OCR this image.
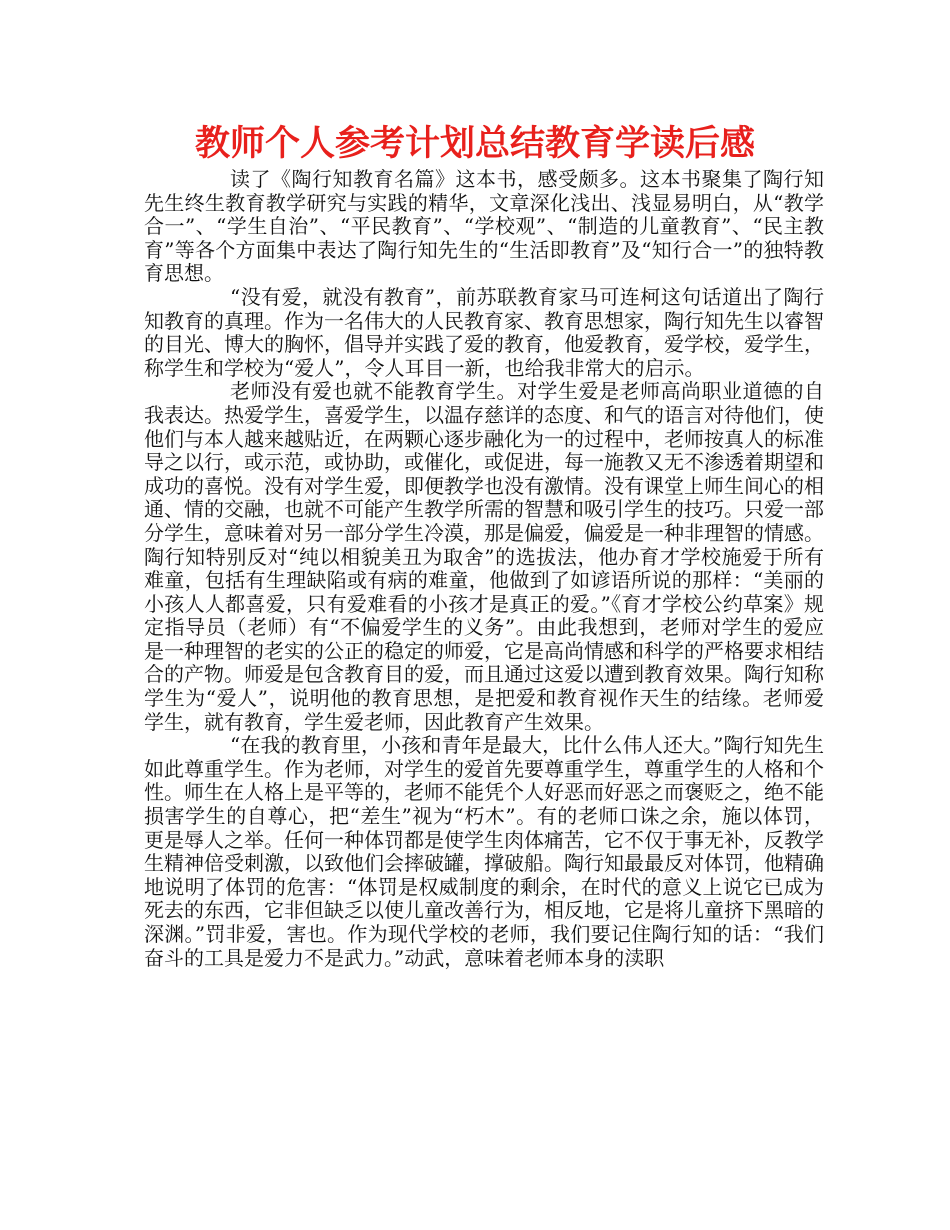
教师个人参考计划总结教育学读后感

读了《陶行知教育名篇》这本书，感受颇多。这本书聚集了陶行知先生终生教育教学研究与实践的精华，文章深化浅出、浅显易明白，从“教学合一”、“学生自治”、“平民教育”、“学校观”、“制造的儿童教育”、“民主教育”等各个方面集中表达了陶行知先生的“生活即教育”及“知行合一”的独特教育思想。

“没有爱，就没有教育”，前苏联教育家马可连柯这句话道出了陶行知教育的真理。作为一名伟大的人民教育家、教育思想家，陶行知先生以睿智的目光、博大的胸怀，倡导并实践了爱的教育，他爱教育，爱学校，爱学生，称学生和学校为“爱人”，令人耳目一新，也给我非常大的启示。

老师没有爱也就不能教育学生。对学生爱是老师高尚职业道德的自我表达。热爱学生，喜爱学生，以温存慈详的态度、和气的语言对待他们，使他们与本人越来越贴近，在两颗心逐步融化为一的过程中，老师按真人的标准导之以行，或示范，或协助，或催化，或促进，每一施教又无不渗透着期望和成功的喜悦。没有对学生爱，即便教学也没有激情。没有课堂上师生间心的相通、情的交融，也就不可能产生教学所需的智慧和吸引学生的技巧。只爱一部分学生，意味着对另一部分学生冷漠，那是偏爱，偏爱是一种非理智的情感。陶行知特别反对“纯以相貌美丑为取舍”的选拔法，他办育才学校施爱于所有难童，包括有生理缺陷或有病的难童，他做到了如谚语所说的那样：“美丽的小孩人人都喜爱，只有爱难看的小孩才是真正的爱。”《育才学校公约草案》规定指导员（老师）有“不偏爱学生的义务”。由此我想到，老师对学生的爱应是一种理智的老实的公正的稳定的师爱，它是高尚情感和科学的严格要求相结合的产物。师爱是包含教育目的爱，而且通过这爱以遭到教育效果。陶行知称学生为“爱人”，说明他的教育思想，是把爱和教育视作天生的结缘。老师爱学生，就有教育，学生爱老师，因此教育产生效果。

“在我的教育里，小孩和青年是最大，比什么伟人还大。”陶行知先生如此尊重学生。作为老师，对学生的爱首先要尊重学生，尊重学生的人格和个性。师生在人格上是平等的，老师不能凭个人好恶而好恶之而褒贬之，绝不能损害学生的自尊心，把“差生”视为“朽木”。有的老师口诛之余，施以体罚，更是辱人之举。任何一种体罚都是使学生肉体痛苦，它不仅于事无补，反教学生精神倍受刺激，以致他们会摔破罐，撑破船。陶行知最最反对体罚，他精确地说明了体罚的危害：“体罚是权威制度的剩余，在时代的意义上说它已成为死去的东西，它非但缺乏以使儿童改善行为，相反地，它是将儿童挤下黑暗的深渊。”罚非爱，害也。作为现代学校的老师，我们要记住陶行知的话：“我们奋斗的工具是爱力不是武力。”动武，意味着老师本身的渎职
